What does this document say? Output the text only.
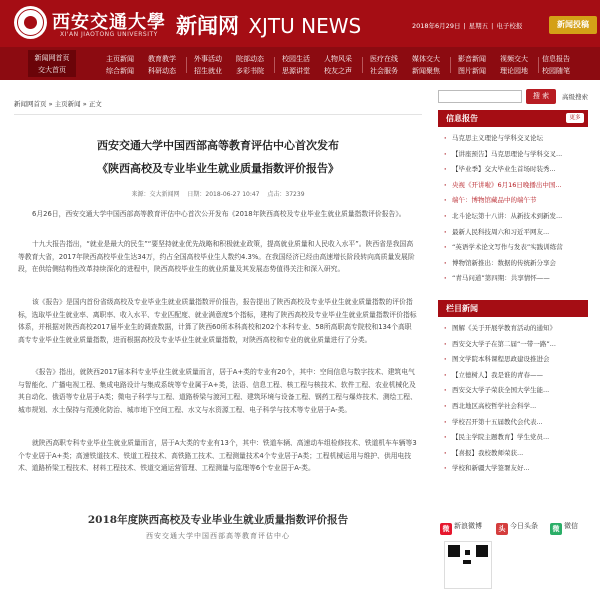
西安交通大學
XI'AN JIAOTONG UNIVERSITY 新闻网 XJTU NEWS	2018年6月29日 | 星期五 | 电子校报	新闻投稿
新闻网首页
交大首页
主页新闻
综合新闻
教育教学
科研动态
外事活动
招生就业
院部动态
多彩书院
校园生活
思源讲堂
人物风采
校友之声
医疗在线
社会服务
媒体交大
新闻聚焦
影音新闻
图片新闻
视频交大
理论园地
信息报告
校园随笔
新闻网首页 » 主页新闻 » 正文
西安交通大学中国西部高等教育评估中心首次发布
《陕西高校及专业毕业生就业质量指数评价报告》
来源：交大新闻网 日期：2018-06-27 10:47 点击：37239

6月26日，西安交通大学中国西部高等教育评估中心首次公开发布《2018年陕西高校及专业毕业生就业质量指数评价报告》。

十九大报告指出，“就业是最大的民生”“要坚持就业优先战略和积极就业政策，提高就业质量和人民收入水平”。陕西省是我国高等教育大省，2017年陕西高校毕业生达34万，约占全国高校毕业生人数约4.3%。在我国经济已经由高速增长阶段转向高质量发展阶段，在供给侧结构性改革持续深化的进程中，陕西高校毕业生的就业质量及其发展态势值得关注和深入研究。

该《报告》是国内首份省级高校及专业毕业生就业质量指数评价报告，报告提出了陕西高校及专业毕业生就业质量指数的评价指标，选取毕业生就业率、离职率、收入水平、专业匹配度、就业满意度5个指标，建构了陕西高校及专业毕业生就业质量指数评价指标体系，并根据对陕西高校2017届毕业生的调查数据，计算了陕西60所本科高校和202个本科专业、58所高职高专院校和134个高职高专专业毕业生就业质量指数，进而根据高校及专业毕业生就业质量指数，对陕西高校和专业的就业质量进行了分类。

《报告》指出，就陕西2017届本科专业毕业生就业质量而言，居于A+类的专业有20个，其中：空间信息与数字技术、建筑电气与智能化、广播电视工程、集成电路设计与集成系统等专业属于A+类，法语、信息工程、核工程与核技术、软件工程、农业机械化及其自动化、俄语等专业居于A类；微电子科学与工程、道路桥梁与渡河工程、建筑环境与设备工程、钢药工程与爆炸技术、测绘工程、城市规划、水土保持与荒漠化防治、城市地下空间工程、水文与水资源工程、电子科学与技术等专业居于A-类。

就陕西高职专科专业毕业生就业质量而言，居于A大类的专业有13个，其中：铁道车辆、高速动车组检修技术、铁道机车车辆等3个专业居于A+类；高速铁道技术、铁道工程技术、高铁路工技术、工程测量技术4个专业居于A类；工程机械运用与维护、供用电技术、道路桥梁工程技术、材料工程技术、铁道交通运营管理、工程测量与监理等6个专业居于A-类。

2018年度陕西高校及专业毕业生就业质量指数评价报告
西安交通大学中国西部高等教育评估中心
搜 索	高级搜索
信息报告	更多
· 马克思主义理论与学科交叉论坛
· 【讲座预告】马克思理论与学科交叉...
· 【毕业季】交大毕业生首场时装秀...
· 央视《开讲啦》6月16日晚播出中国...
· 端午：博物馆藏品中的端午节
· 北斗论坛第十八讲：从新技术到新发...
· 最新人民科技周六和习近平网友...
· “英语学术论文写作与发表”实践训练营
· 博物馆新推出：数据的传统新分享会
· “青马问道”第四期：共享情怀——
栏目新闻
· 图解《关于开展学教育活动的通知》
· 西安交大学子在第二届“一带一路”...
· 图文学院本科课程思政建设推进会
· 【立德树人】我是谁的青春——
· 西安交大学子荣获全国大学生能...
· 西北地区高校哲学社会科学...
· 学校召开第十五届教代会代表...
· 【民主学院主题教育】学生党员...
· 【喜报】我校教师荣获...
· 学校和新疆大学签署友好...
微 新浪微博	头 今日头条	微 微信
